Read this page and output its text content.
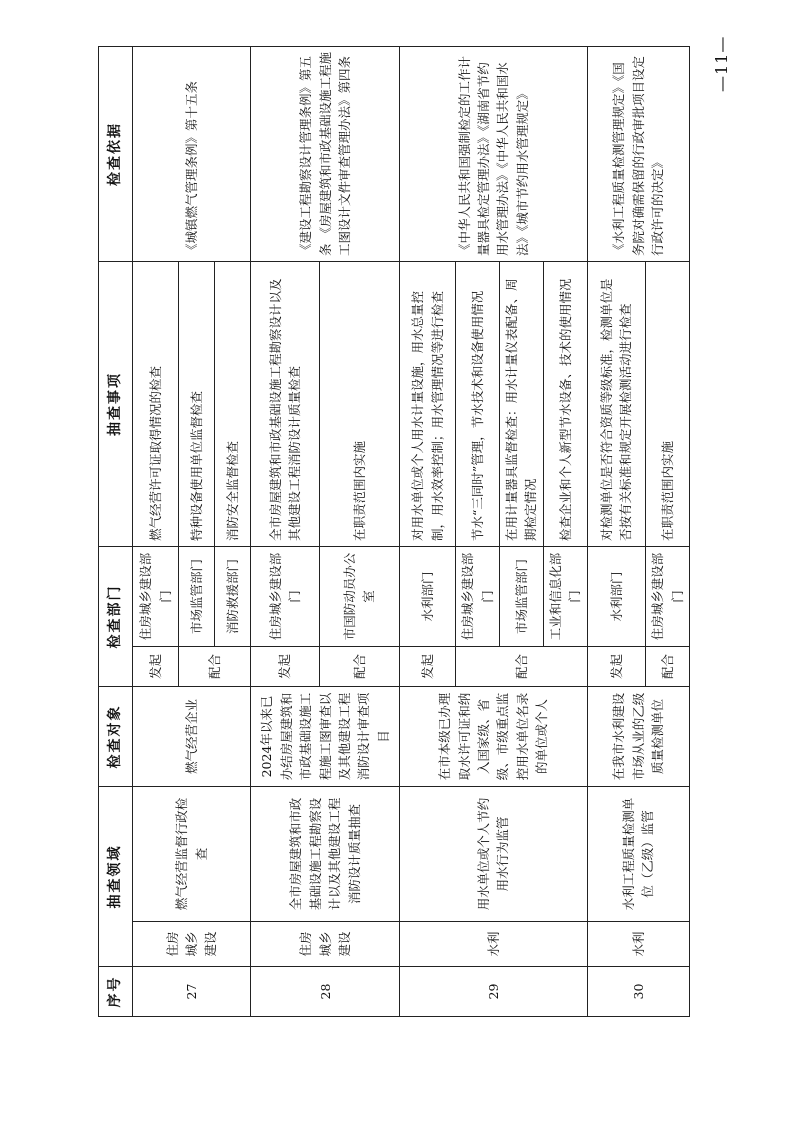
序号	抽查领域		检查对象	检查部门		抽查事项	检查依据
27	住房城乡建设	燃气经营监督行政检查	燃气经营企业	发起	住房城乡建设部门	燃气经营许可证取得情况的检查	《城镇燃气管理条例》第十五条
				配合	市场监管部门	特种设备使用单位监督检查	
					消防救援部门	消防安全监督检查	
28	住房城乡建设	全市房屋建筑和市政基础设施工程勘察设计以及其他建设工程消防设计质量抽查	2024年以来已办结房屋建筑和市政基础设施工程施工图审查以及其他建设工程消防设计审查项目	发起	住房城乡建设部门	全市房屋建筑和市政基础设施工程勘察设计以及其他建设工程消防设计质量检查	《建设工程勘察设计管理条例》第五条 《房屋建筑和市政基础设施工程施工图设计文件审查管理办法》第四条
				配合	市国防动员办公室	在职责范围内实施	
29	水利	用水单位或个人节约用水行为监管	在市本级已办理取水许可证和纳入国家级、省级、市级重点监控用水单位名录的单位或个人	发起	水利部门	对用水单位或个人用水计量设施，用水总量控制，用水效率控制；用水管理情况等进行检查	《中华人民共和国强制检定的工作计量器具检定管理办法》《湖南省节约用水管理办法》《中华人民共和国水法》《城市节约用水管理规定》
				配合	住房城乡建设部门	节水“三同时”管理，节水技术和设备使用情况	
					市场监管部门	在用计量器具监督检查：用水计量仪表配备、周期检定情况	
					工业和信息化部门	检查企业和个人新型节水设备、技术的使用情况	
30	水利	水利工程质量检测单位（乙级）监管	在我市水利建设市场从业的乙级质量检测单位	发起	水利部门	对检测单位是否符合资质等级标准，检测单位是否按有关标准和规定开展检测活动进行检查	《水利工程质量检测管理规定》《国务院对确需保留的行政审批项目设定行政许可的决定》
				配合	住房城乡建设部门	在职责范围内实施	
—11—
